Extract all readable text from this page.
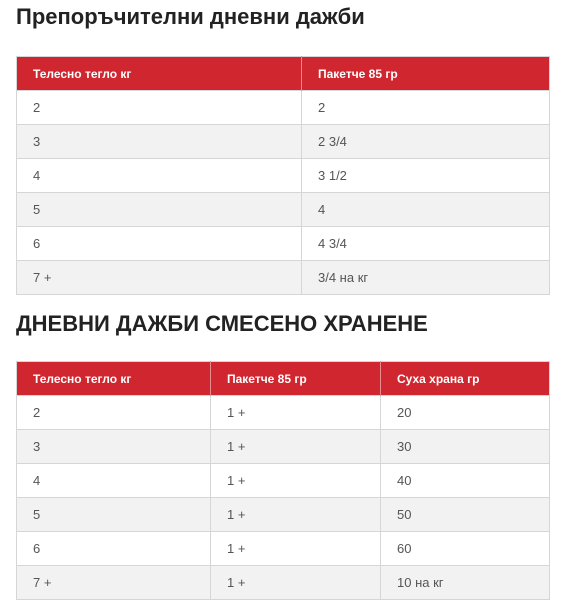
Препоръчителни дневни дажби
Телесно тегло кг	Пакетче 85 гр
2	2
3	2 3/4
4	3 1/2
5	4
6	4 3/4
7 +	3/4 на кг
ДНЕВНИ ДАЖБИ СМЕСЕНО ХРАНЕНЕ
Телесно тегло кг	Пакетче 85 гр	Суха храна гр
2	1 +	20
3	1 +	30
4	1 +	40
5	1 +	50
6	1 +	60
7 +	1 +	10 на кг
